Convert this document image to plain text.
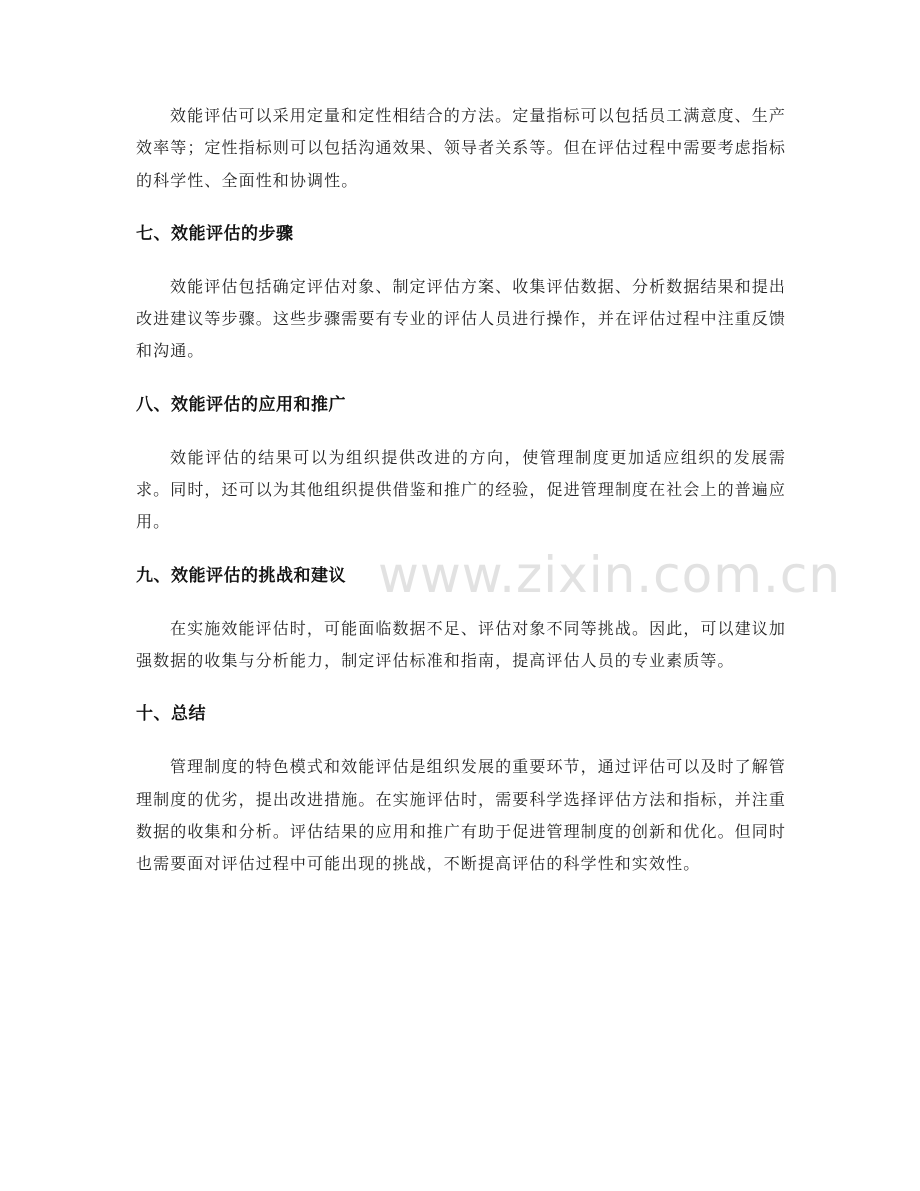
效能评估可以采用定量和定性相结合的方法。定量指标可以包括员工满意度、生产效率等；定性指标则可以包括沟通效果、领导者关系等。但在评估过程中需要考虑指标的科学性、全面性和协调性。

七、效能评估的步骤

效能评估包括确定评估对象、制定评估方案、收集评估数据、分析数据结果和提出改进建议等步骤。这些步骤需要有专业的评估人员进行操作，并在评估过程中注重反馈和沟通。

八、效能评估的应用和推广

效能评估的结果可以为组织提供改进的方向，使管理制度更加适应组织的发展需求。同时，还可以为其他组织提供借鉴和推广的经验，促进管理制度在社会上的普遍应用。

九、效能评估的挑战和建议

在实施效能评估时，可能面临数据不足、评估对象不同等挑战。因此，可以建议加强数据的收集与分析能力，制定评估标准和指南，提高评估人员的专业素质等。

十、总结

管理制度的特色模式和效能评估是组织发展的重要环节，通过评估可以及时了解管理制度的优劣，提出改进措施。在实施评估时，需要科学选择评估方法和指标，并注重数据的收集和分析。评估结果的应用和推广有助于促进管理制度的创新和优化。但同时也需要面对评估过程中可能出现的挑战，不断提高评估的科学性和实效性。

www.zixin.com.cn
